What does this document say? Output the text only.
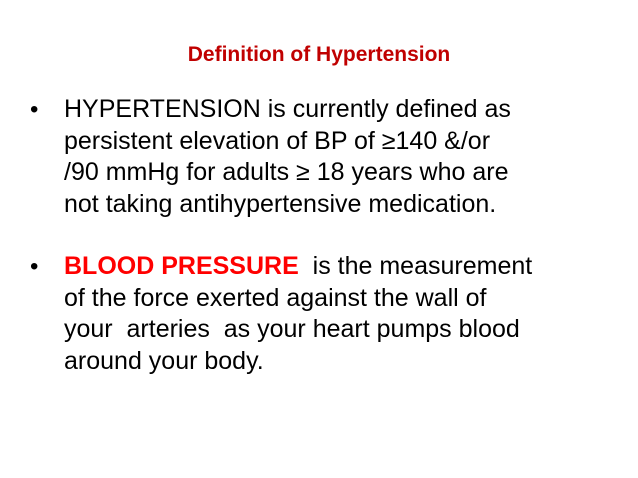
Definition of Hypertension
•	HYPERTENSION is currently defined as
persistent elevation of BP of ≥140 &/or
/90 mmHg for adults ≥ 18 years who are
not taking antihypertensive medication.
•	BLOOD PRESSURE  is the measurement
of the force exerted against the wall of
your  arteries  as your heart pumps blood
around your body.
